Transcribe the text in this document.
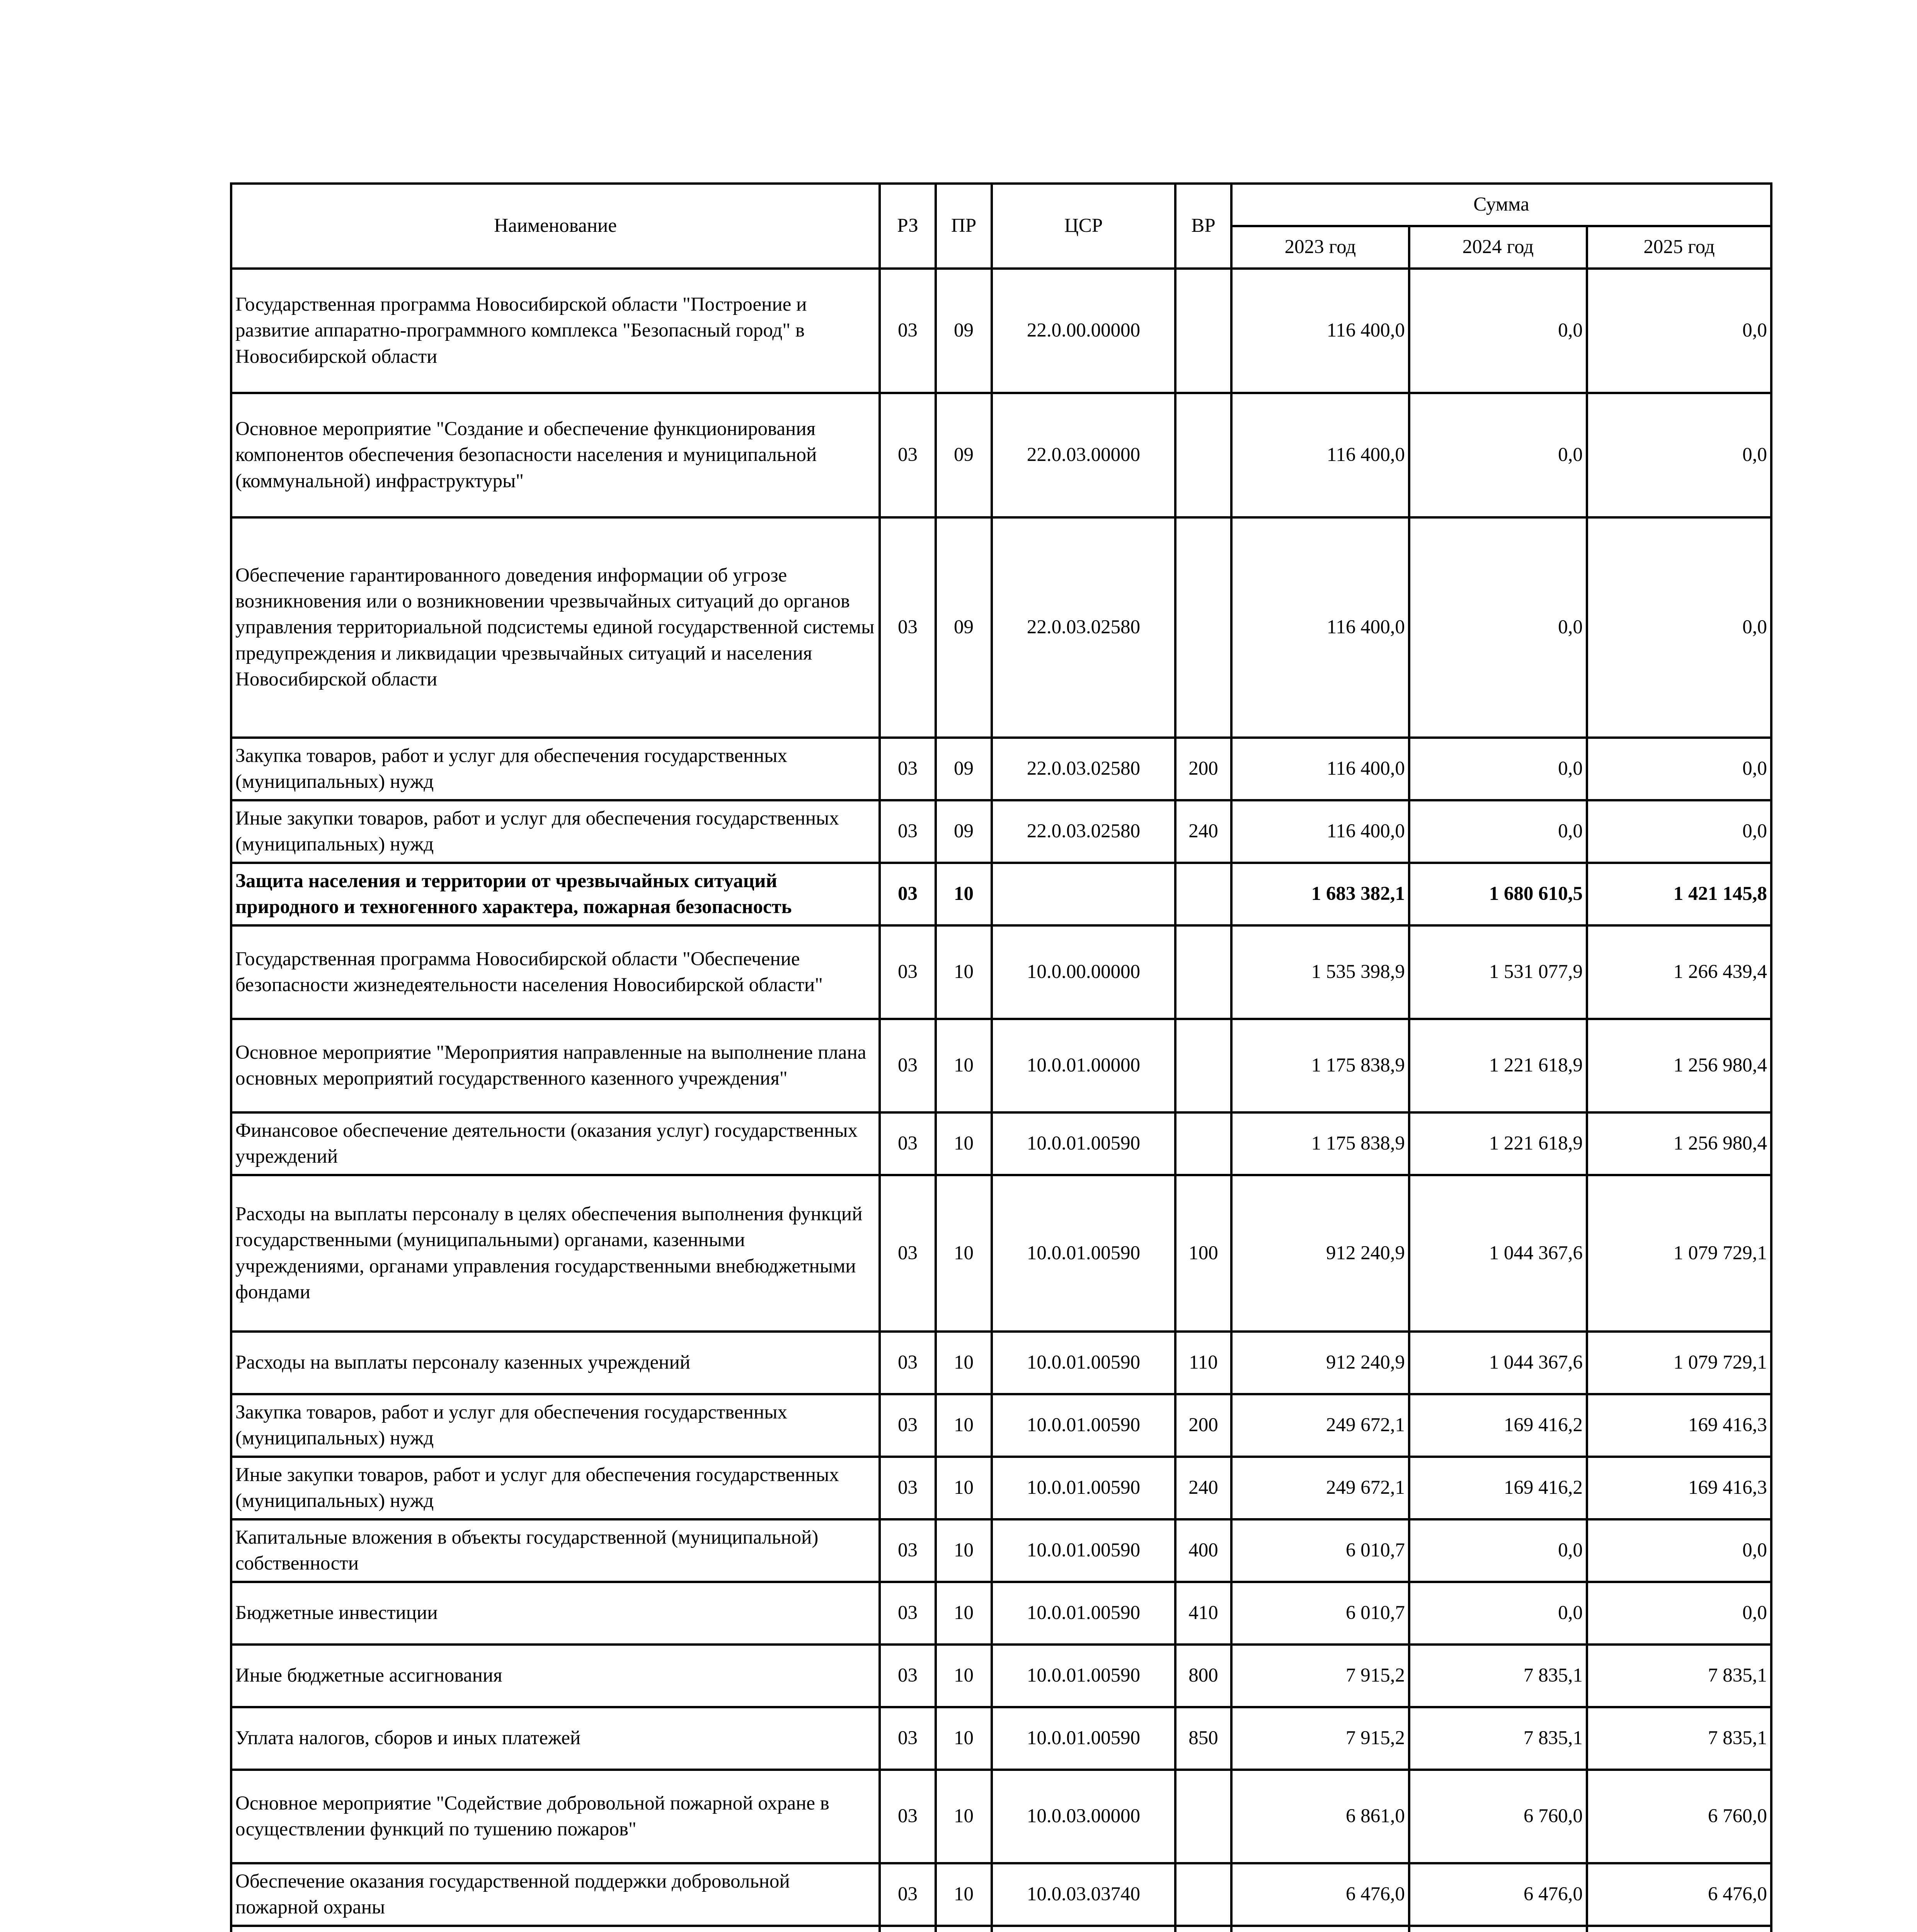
Наименование	РЗ	ПР	ЦСР	ВР	Сумма		
					2023 год	2024 год	2025 год
Государственная программа Новосибирской области "Построение и развитие аппаратно-программного комплекса "Безопасный город" в Новосибирской области	03	09	22.0.00.00000		116 400,0	0,0	0,0
Основное мероприятие "Создание и обеспечение функционирования компонентов обеспечения безопасности населения и муниципальной (коммунальной) инфраструктуры"	03	09	22.0.03.00000		116 400,0	0,0	0,0
Обеспечение гарантированного доведения информации об угрозе возникновения или о возникновении чрезвычайных ситуаций до органов управления территориальной подсистемы единой государственной системы предупреждения и ликвидации чрезвычайных ситуаций и населения Новосибирской области	03	09	22.0.03.02580		116 400,0	0,0	0,0
Закупка товаров, работ и услуг для обеспечения государственных (муниципальных) нужд	03	09	22.0.03.02580	200	116 400,0	0,0	0,0
Иные закупки товаров, работ и услуг для обеспечения государственных (муниципальных) нужд	03	09	22.0.03.02580	240	116 400,0	0,0	0,0
Защита населения и территории от чрезвычайных ситуаций природного и техногенного характера, пожарная безопасность	03	10			1 683 382,1	1 680 610,5	1 421 145,8
Государственная программа Новосибирской области "Обеспечение безопасности жизнедеятельности населения Новосибирской области"	03	10	10.0.00.00000		1 535 398,9	1 531 077,9	1 266 439,4
Основное мероприятие "Мероприятия направленные на выполнение плана основных мероприятий государственного казенного учреждения"	03	10	10.0.01.00000		1 175 838,9	1 221 618,9	1 256 980,4
Финансовое обеспечение деятельности (оказания услуг) государственных учреждений	03	10	10.0.01.00590		1 175 838,9	1 221 618,9	1 256 980,4
Расходы на выплаты персоналу в целях обеспечения выполнения функций государственными (муниципальными) органами, казенными учреждениями, органами управления государственными внебюджетными фондами	03	10	10.0.01.00590	100	912 240,9	1 044 367,6	1 079 729,1
Расходы на выплаты персоналу казенных учреждений	03	10	10.0.01.00590	110	912 240,9	1 044 367,6	1 079 729,1
Закупка товаров, работ и услуг для обеспечения государственных (муниципальных) нужд	03	10	10.0.01.00590	200	249 672,1	169 416,2	169 416,3
Иные закупки товаров, работ и услуг для обеспечения государственных (муниципальных) нужд	03	10	10.0.01.00590	240	249 672,1	169 416,2	169 416,3
Капитальные вложения в объекты государственной (муниципальной) собственности	03	10	10.0.01.00590	400	6 010,7	0,0	0,0
Бюджетные инвестиции	03	10	10.0.01.00590	410	6 010,7	0,0	0,0
Иные бюджетные ассигнования	03	10	10.0.01.00590	800	7 915,2	7 835,1	7 835,1
Уплата налогов, сборов и иных платежей	03	10	10.0.01.00590	850	7 915,2	7 835,1	7 835,1
Основное мероприятие "Содействие добровольной пожарной охране в осуществлении функций по тушению пожаров"	03	10	10.0.03.00000		6 861,0	6 760,0	6 760,0
Обеспечение оказания государственной поддержки добровольной пожарной охраны	03	10	10.0.03.03740		6 476,0	6 476,0	6 476,0
